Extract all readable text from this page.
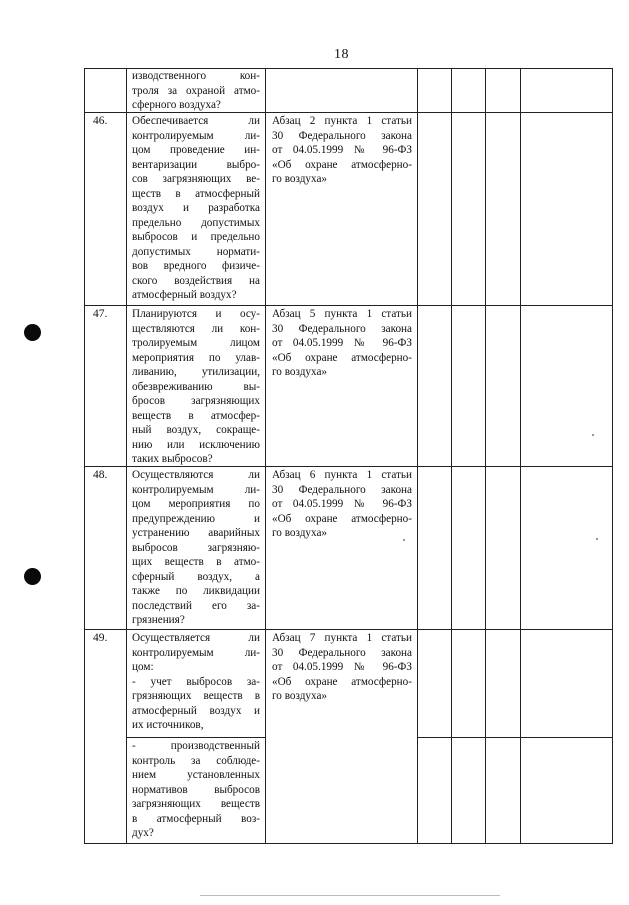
18
изводственного кон-
троля за охраной атмо-
сферного воздуха?
46. Обеспечивается ли
контролируемым ли-
цом проведение ин-
вентаризации выбро-
сов загрязняющих ве-
ществ в атмосферный
воздух и разработка
предельно допустимых
выбросов и предельно
допустимых нормати-
вов вредного физиче-
ского воздействия на
атмосферный воздух?
Абзац 2 пункта 1 статьи
30 Федерального закона
от 04.05.1999 № 96-ФЗ
«Об охране атмосферно-
го воздуха»
47. Планируются и осу-
ществляются ли кон-
тролируемым лицом
мероприятия по улав-
ливанию, утилизации,
обезвреживанию вы-
бросов загрязняющих
веществ в атмосфер-
ный воздух, сокраще-
нию или исключению
таких выбросов?
Абзац 5 пункта 1 статьи
30 Федерального закона
от 04.05.1999 № 96-ФЗ
«Об охране атмосферно-
го воздуха»
48. Осуществляются ли
контролируемым ли-
цом мероприятия по
предупреждению и
устранению аварийных
выбросов загрязняю-
щих веществ в атмо-
сферный воздух, а
также по ликвидации
последствий его за-
грязнения?
Абзац 6 пункта 1 статьи
30 Федерального закона
от 04.05.1999 № 96-ФЗ
«Об охране атмосферно-
го воздуха»
49. Осуществляется ли
контролируемым ли-
цом:
- учет выбросов за-
грязняющих веществ в
атмосферный воздух и
их источников,
- производственный
контроль за соблюде-
нием установленных
нормативов выбросов
загрязняющих веществ
в атмосферный воз-
дух?
Абзац 7 пункта 1 статьи
30 Федерального закона
от 04.05.1999 № 96-ФЗ
«Об охране атмосферно-
го воздуха»
